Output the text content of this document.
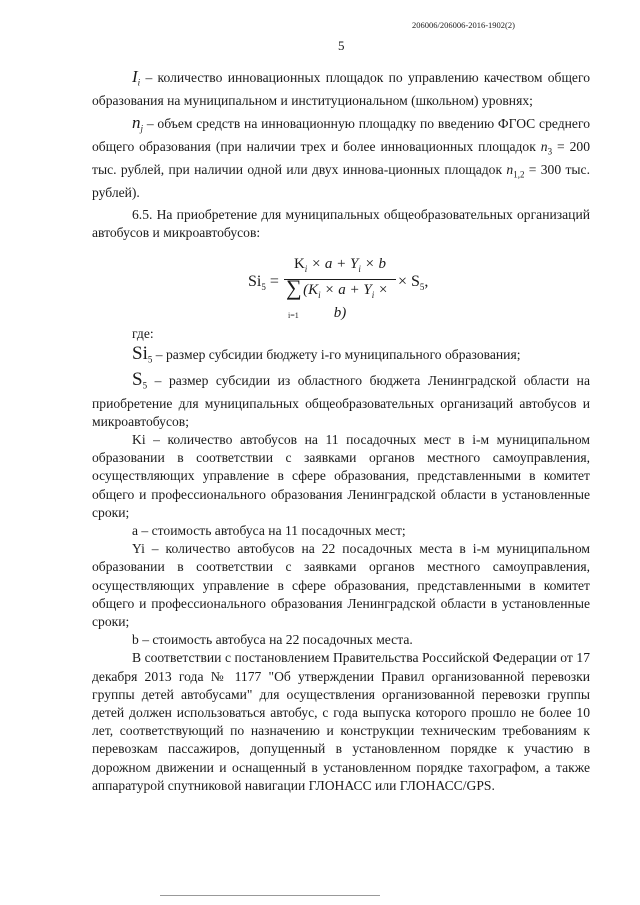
206006/206006-2016-1902(2)
5

$I_i$ – количество инновационных площадок по управлению качеством общего образования на муниципальном и институциональном (школьном) уровнях;

$n_j$ – объем средств на инновационную площадку по введению ФГОС среднего общего образования (при наличии трех и более инновационных площадок $n_3 = 200$ тыс. рублей, при наличии одной или двух иннова-ционных площадок $n_{1,2} = 300$ тыс. рублей).

6.5. На приобретение для муниципальных общеобразовательных организаций автобусов и микроавтобусов:

$Si_5 = \frac{K_i \times a + Y_i \times b}{(K_i \times a + Y_i \times b)}$
∑
i=1
× $S_5$,

где:

$Si_5$ – размер субсидии бюджету i-го муниципального образования;

$S_5$ – размер субсидии из областного бюджета Ленинградской области на приобретение для муниципальных общеобразовательных организаций автобусов и микроавтобусов;

Ki – количество автобусов на 11 посадочных мест в i-м муниципальном образовании в соответствии с заявками органов местного самоуправления, осуществляющих управление в сфере образования, представленными в комитет общего и профессионального образования Ленинградской области в установленные сроки;

а – стоимость автобуса на 11 посадочных мест;

Yi – количество автобусов на 22 посадочных места в i-м муниципальном образовании в соответствии с заявками органов местного самоуправления, осуществляющих управление в сфере образования, представленными в комитет общего и профессионального образования Ленинградской области в установленные сроки;

b – стоимость автобуса на 22 посадочных места.

В соответствии с постановлением Правительства Российской Федерации от 17 декабря 2013 года № 1177 "Об утверждении Правил организованной перевозки группы детей автобусами" для осуществления организованной перевозки группы детей должен использоваться автобус, с года выпуска которого прошло не более 10 лет, соответствующий по назначению и конструкции техническим требованиям к перевозкам пассажиров, допущенный в установленном порядке к участию в дорожном движении и оснащенный в установленном порядке тахографом, а также аппаратурой спутниковой навигации ГЛОНАСС или ГЛОНАСС/GPS.
